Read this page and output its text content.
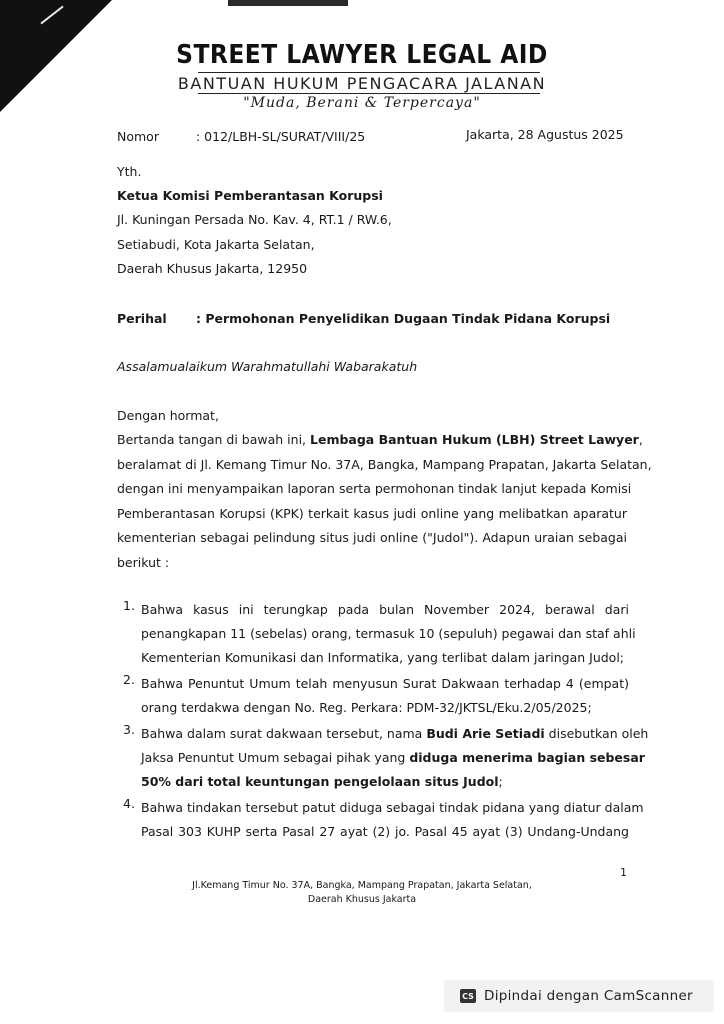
STREET LAWYER LEGAL AID
BANTUAN HUKUM PENGACARA JALANAN
"Muda, Berani & Terpercaya"
Nomor	: 012/LBH-SL/SURAT/VIII/25	Jakarta, 28 Agustus 2025
Yth.
Ketua Komisi Pemberantasan Korupsi
Jl. Kuningan Persada No. Kav. 4, RT.1 / RW.6,
Setiabudi, Kota Jakarta Selatan,
Daerah Khusus Jakarta, 12950
Perihal : Permohonan Penyelidikan Dugaan Tindak Pidana Korupsi
Assalamualaikum Warahmatullahi Wabarakatuh
Dengan hormat,
Bertanda tangan di bawah ini, Lembaga Bantuan Hukum (LBH) Street Lawyer,
beralamat di Jl. Kemang Timur No. 37A, Bangka, Mampang Prapatan, Jakarta Selatan,
dengan ini menyampaikan laporan serta permohonan tindak lanjut kepada Komisi
Pemberantasan Korupsi (KPK) terkait kasus judi online yang melibatkan aparatur
kementerian sebagai pelindung situs judi online ("Judol"). Adapun uraian sebagai
berikut :
1. Bahwa kasus ini terungkap pada bulan November 2024, berawal dari
penangkapan 11 (sebelas) orang, termasuk 10 (sepuluh) pegawai dan staf ahli
Kementerian Komunikasi dan Informatika, yang terlibat dalam jaringan Judol;
2. Bahwa Penuntut Umum telah menyusun Surat Dakwaan terhadap 4 (empat)
orang terdakwa dengan No. Reg. Perkara: PDM-32/JKTSL/Eku.2/05/2025;
3. Bahwa dalam surat dakwaan tersebut, nama Budi Arie Setiadi disebutkan oleh
Jaksa Penuntut Umum sebagai pihak yang diduga menerima bagian sebesar
50% dari total keuntungan pengelolaan situs Judol;
4. Bahwa tindakan tersebut patut diduga sebagai tindak pidana yang diatur dalam
Pasal 303 KUHP serta Pasal 27 ayat (2) jo. Pasal 45 ayat (3) Undang-Undang
1
Jl.Kemang Timur No. 37A, Bangka, Mampang Prapatan, Jakarta Selatan,
Daerah Khusus Jakarta
CS Dipindai dengan CamScanner
